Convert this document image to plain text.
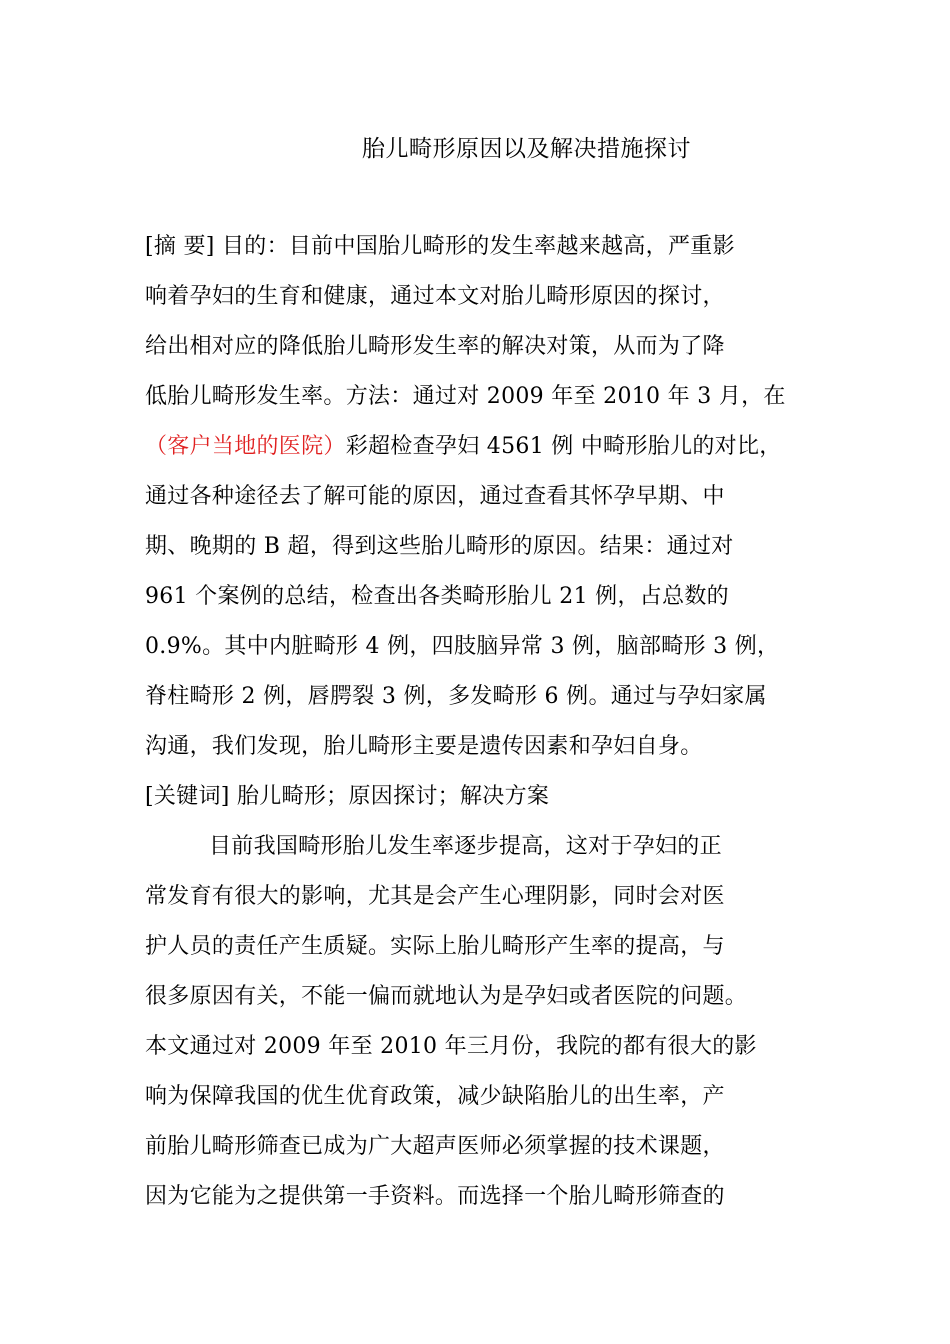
胎儿畸形原因以及解决措施探讨
[摘 要] 目的：目前中国胎儿畸形的发生率越来越高，严重影
响着孕妇的生育和健康，通过本文对胎儿畸形原因的探讨，
给出相对应的降低胎儿畸形发生率的解决对策，从而为了降
低胎儿畸形发生率。方法：通过对 2009 年至 2010 年 3 月，在
（客户当地的医院）彩超检查孕妇 4561 例 中畸形胎儿的对比，
通过各种途径去了解可能的原因，通过查看其怀孕早期、中
期、晚期的 B 超，得到这些胎儿畸形的原因。结果：通过对
961 个案例的总结，检查出各类畸形胎儿 21 例，占总数的
0.9%。其中内脏畸形 4 例，四肢脑异常 3 例，脑部畸形 3 例，
脊柱畸形 2 例，唇腭裂 3 例，多发畸形 6 例。通过与孕妇家属
沟通，我们发现，胎儿畸形主要是遗传因素和孕妇自身。
[关键词] 胎儿畸形；原因探讨；解决方案
目前我国畸形胎儿发生率逐步提高，这对于孕妇的正
常发育有很大的影响，尤其是会产生心理阴影，同时会对医
护人员的责任产生质疑。实际上胎儿畸形产生率的提高，与
很多原因有关，不能一偏而就地认为是孕妇或者医院的问题。
本文通过对 2009 年至 2010 年三月份，我院的都有很大的影
响为保障我国的优生优育政策，减少缺陷胎儿的出生率，产
前胎儿畸形筛查已成为广大超声医师必须掌握的技术课题，
因为它能为之提供第一手资料。而选择一个胎儿畸形筛查的
